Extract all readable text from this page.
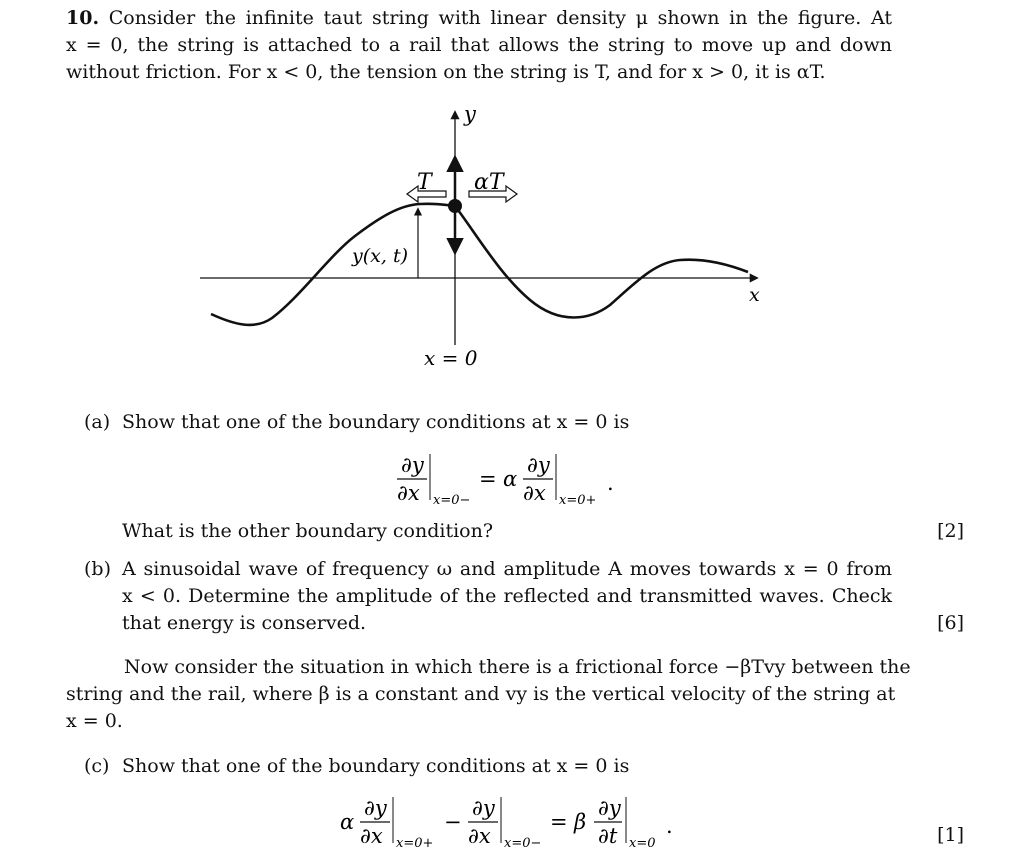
10. Consider the infinite taut string with linear density μ shown in the figure. At
x = 0, the string is attached to a rail that allows the string to move up and down
without friction. For x < 0, the tension on the string is T, and for x > 0, it is αT.
y
x
T αT
y(x, t)
x = 0
(a) Show that one of the boundary conditions at x = 0 is
∂y
∂x x=0−
= α
∂y
∂x x=0+
.
What is the other boundary condition?	[2]
(b) A sinusoidal wave of frequency ω and amplitude A moves towards x = 0 from
x < 0. Determine the amplitude of the reflected and transmitted waves. Check
that energy is conserved.	[6]
Now consider the situation in which there is a frictional force −βTvy between the
string and the rail, where β is a constant and vy is the vertical velocity of the string at
x = 0.
(c) Show that one of the boundary conditions at x = 0 is
α
∂y
∂x x=0+
−
∂y
∂x x=0−
= β
∂y
∂t x=0
.	[1]
